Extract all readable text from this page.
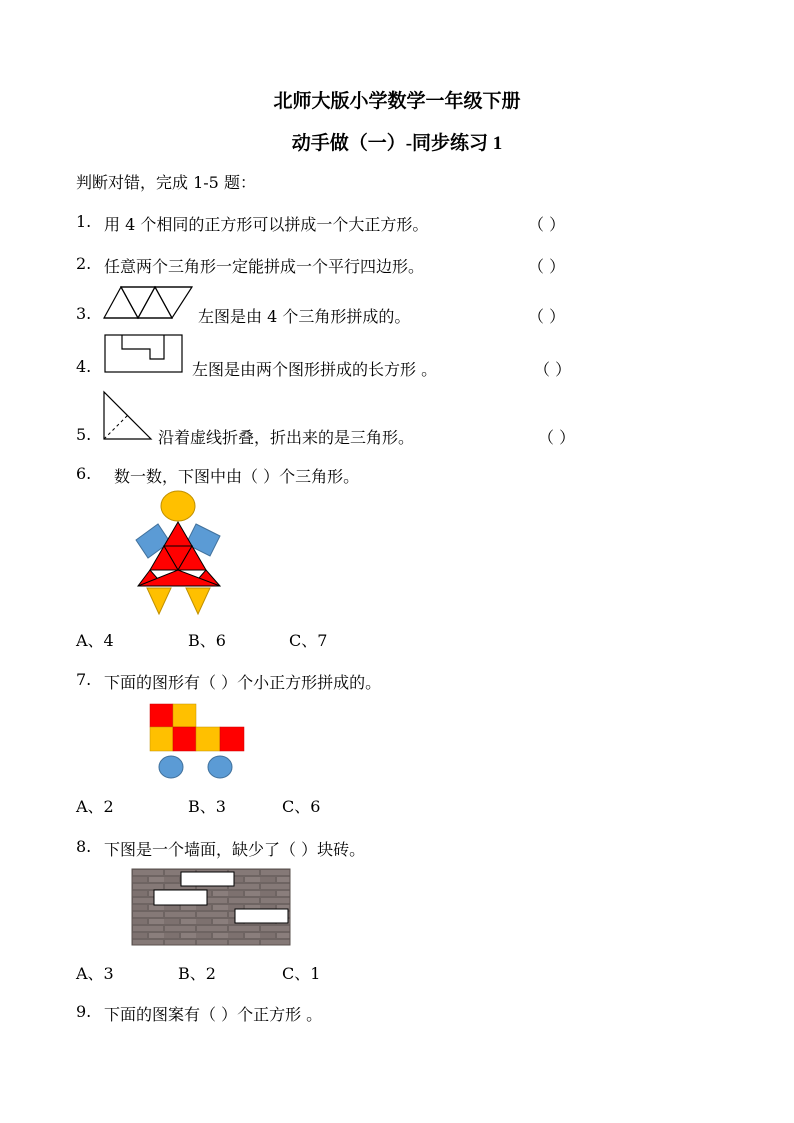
北师大版小学数学一年级下册
动手做（一）-同步练习 1
判断对错，完成 1-5 题：
1. 用 4 个相同的正方形可以拼成一个大正方形。	（ ）
2. 任意两个三角形一定能拼成一个平行四边形。	（ ）
3.	左图是由 4 个三角形拼成的。	（ ）
4.	左图是由两个图形拼成的长方形 。	（ ）
5.	沿着虚线折叠，折出来的是三角形。	（ ）
6. 数一数，下图中由（ ）个三角形。
A、4	B、6	C、7
7. 下面的图形有（ ）个小正方形拼成的。
A、2	B、3	C、6
8. 下图是一个墙面，缺少了（ ）块砖。
A、3	B、2	C、1
9. 下面的图案有（ ）个正方形 。
